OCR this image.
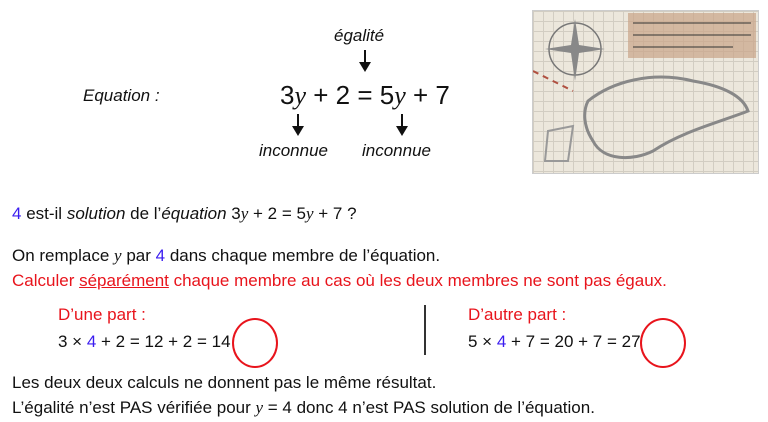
égalité
Equation :	3y + 2 = 5y + 7
inconnue inconnue
4 est-il solution de l’équation 3y + 2 = 5y + 7 ?
On remplace y par 4 dans chaque membre de l’équation.
Calculer séparément chaque membre au cas où les deux membres ne sont pas égaux.
D’une part :
3 × 4 + 2 = 12 + 2 = 14
D’autre part :
5 × 4 + 7 = 20 + 7 = 27
Les deux deux calculs ne donnent pas le même résultat.
L’égalité n’est PAS vérifiée pour y = 4 donc 4 n’est PAS solution de l’équation.
